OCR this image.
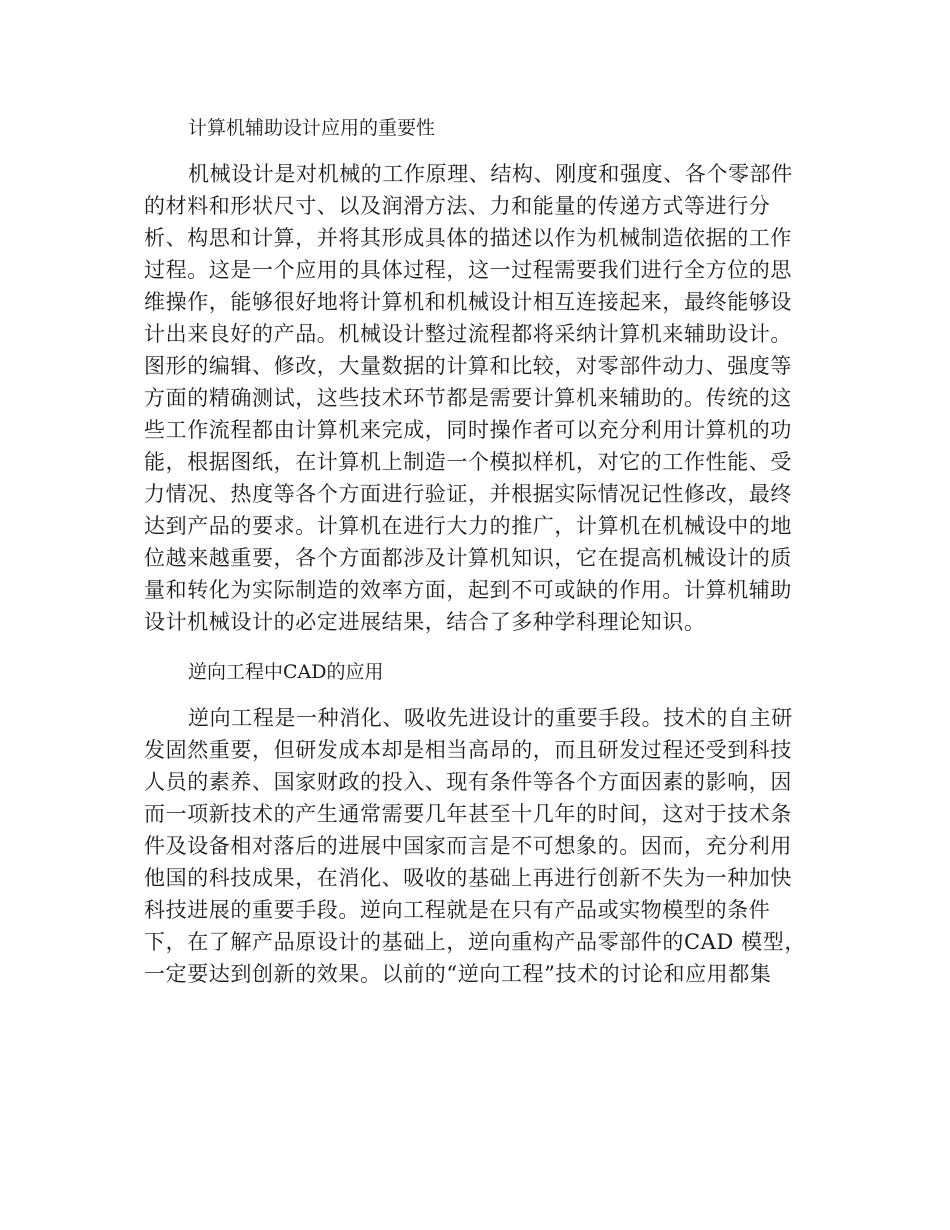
计算机辅助设计应用的重要性

机械设计是对机械的工作原理、结构、刚度和强度、各个零部件
的材料和形状尺寸、以及润滑方法、力和能量的传递方式等进行分
析、构思和计算，并将其形成具体的描述以作为机械制造依据的工作
过程。这是一个应用的具体过程，这一过程需要我们进行全方位的思
维操作，能够很好地将计算机和机械设计相互连接起来，最终能够设
计出来良好的产品。机械设计整过流程都将采纳计算机来辅助设计。
图形的编辑、修改，大量数据的计算和比较，对零部件动力、强度等
方面的精确测试，这些技术环节都是需要计算机来辅助的。传统的这
些工作流程都由计算机来完成，同时操作者可以充分利用计算机的功
能，根据图纸，在计算机上制造一个模拟样机，对它的工作性能、受
力情况、热度等各个方面进行验证，并根据实际情况记性修改，最终
达到产品的要求。计算机在进行大力的推广，计算机在机械设中的地
位越来越重要，各个方面都涉及计算机知识，它在提高机械设计的质
量和转化为实际制造的效率方面，起到不可或缺的作用。计算机辅助
设计机械设计的必定进展结果，结合了多种学科理论知识。

逆向工程中CAD的应用

逆向工程是一种消化、吸收先进设计的重要手段。技术的自主研
发固然重要，但研发成本却是相当高昂的，而且研发过程还受到科技
人员的素养、国家财政的投入、现有条件等各个方面因素的影响，因
而一项新技术的产生通常需要几年甚至十几年的时间，这对于技术条
件及设备相对落后的进展中国家而言是不可想象的。因而，充分利用
他国的科技成果，在消化、吸收的基础上再进行创新不失为一种加快
科技进展的重要手段。逆向工程就是在只有产品或实物模型的条件
下，在了解产品原设计的基础上，逆向重构产品零部件的CAD 模型，
一定要达到创新的效果。以前的“逆向工程”技术的讨论和应用都集
